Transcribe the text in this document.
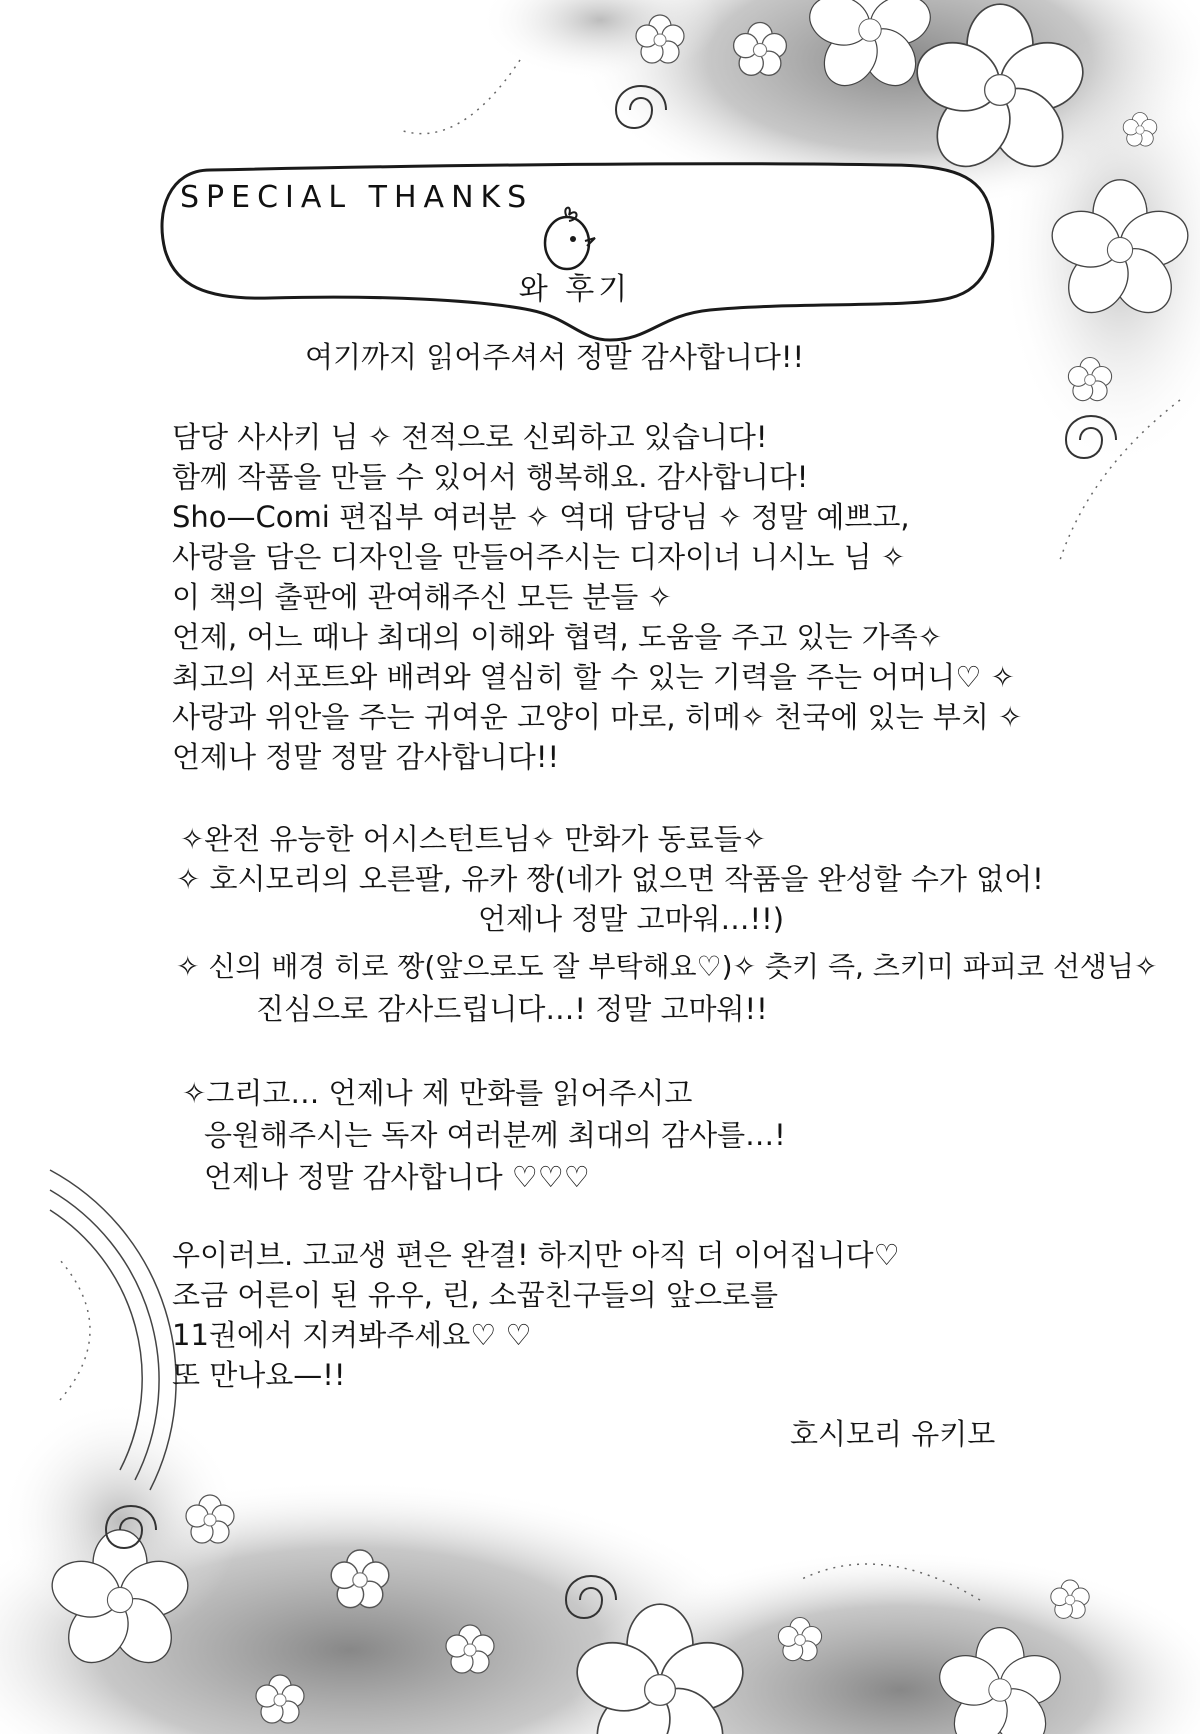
SPECIAL THANKS
와 후기
여기까지 읽어주셔서 정말 감사합니다!!
담당 사사키 님 ✧ 전적으로 신뢰하고 있습니다!
함께 작품을 만들 수 있어서 행복해요. 감사합니다!
Sho—Comi 편집부 여러분 ✧ 역대 담당님 ✧ 정말 예쁘고,
사랑을 담은 디자인을 만들어주시는 디자이너 니시노 님 ✧
이 책의 출판에 관여해주신 모든 분들 ✧
언제, 어느 때나 최대의 이해와 협력, 도움을 주고 있는 가족✧
최고의 서포트와 배려와 열심히 할 수 있는 기력을 주는 어머니♡ ✧
사랑과 위안을 주는 귀여운 고양이 마로, 히메✧ 천국에 있는 부치 ✧
언제나 정말 정말 감사합니다!!
✧완전 유능한 어시스턴트님✧ 만화가 동료들✧
✧ 호시모리의 오른팔, 유카 짱(네가 없으면 작품을 완성할 수가 없어!
언제나 정말 고마워…!!)
✧ 신의 배경 히로 짱(앞으로도 잘 부탁해요♡)✧ 츳키 즉, 츠키미 파피코 선생님✧
진심으로 감사드립니다…! 정말 고마워!!
✧그리고… 언제나 제 만화를 읽어주시고
응원해주시는 독자 여러분께 최대의 감사를…!
언제나 정말 감사합니다 ♡♡♡
우이러브. 고교생 편은 완결! 하지만 아직 더 이어집니다♡
조금 어른이 된 유우, 린, 소꿉친구들의 앞으로를
11권에서 지켜봐주세요♡ ♡
또 만나요—!!
호시모리 유키모
